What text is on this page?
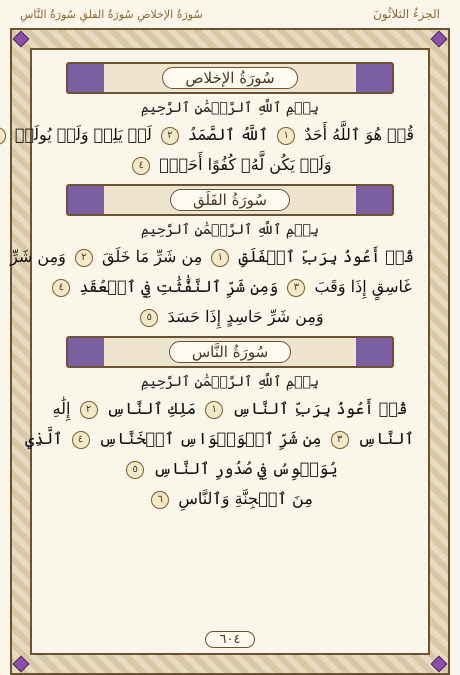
الجزءُ الثلاثُونَ
سُورَةُ الإخلاصِ سُورَةُ الفلقِ سُورَةُ النَّاسِ
سُورَةُ الإخلاص
بِسۡمِ ٱللَّهِ ٱلرَّحۡمَٰنِ ٱلرَّحِيمِ

قُلۡ هُوَ ٱللَّهُ أَحَدٌ ١ ٱللَّهُ ٱلصَّمَدُ ٢ لَمۡ يَلِدۡ وَلَمۡ يُولَدۡ

وَلَمۡ يَكُن لَّهُۥ كُفُوًا أَحَدُۢ ٤

سُورَةُ الفَلَق
بِسۡمِ ٱللَّهِ ٱلرَّحۡمَٰنِ ٱلرَّحِيمِ

قُلۡ أَعُوذُ بِرَبِّ ٱلۡفَلَقِ ١ مِن شَرِّ مَا خَلَقَ ٢ وَمِن شَرِّ

غَاسِقٍ إِذَا وَقَبَ ٣ وَمِن شَرِّ ٱلنَّفَّٰثَٰتِ فِي ٱلۡعُقَدِ ٤

وَمِن شَرِّ حَاسِدٍ إِذَا حَسَدَ ٥

سُورَةُ النَّاس
بِسۡمِ ٱللَّهِ ٱلرَّحۡمَٰنِ ٱلرَّحِيمِ

قُلۡ أَعُوذُ بِرَبِّ ٱلنَّاسِ ١ مَلِكِ ٱلنَّاسِ ٢ إِلَٰهِ

ٱلنَّاسِ ٣ مِن شَرِّ ٱلۡوَسۡوَاسِ ٱلۡخَنَّاسِ ٤ ٱلَّذِي

يُوَسۡوِسُ فِي صُدُورِ ٱلنَّاسِ ٥

مِنَ ٱلۡجِنَّةِ وَٱلنَّاسِ ٦

٦٠٤
